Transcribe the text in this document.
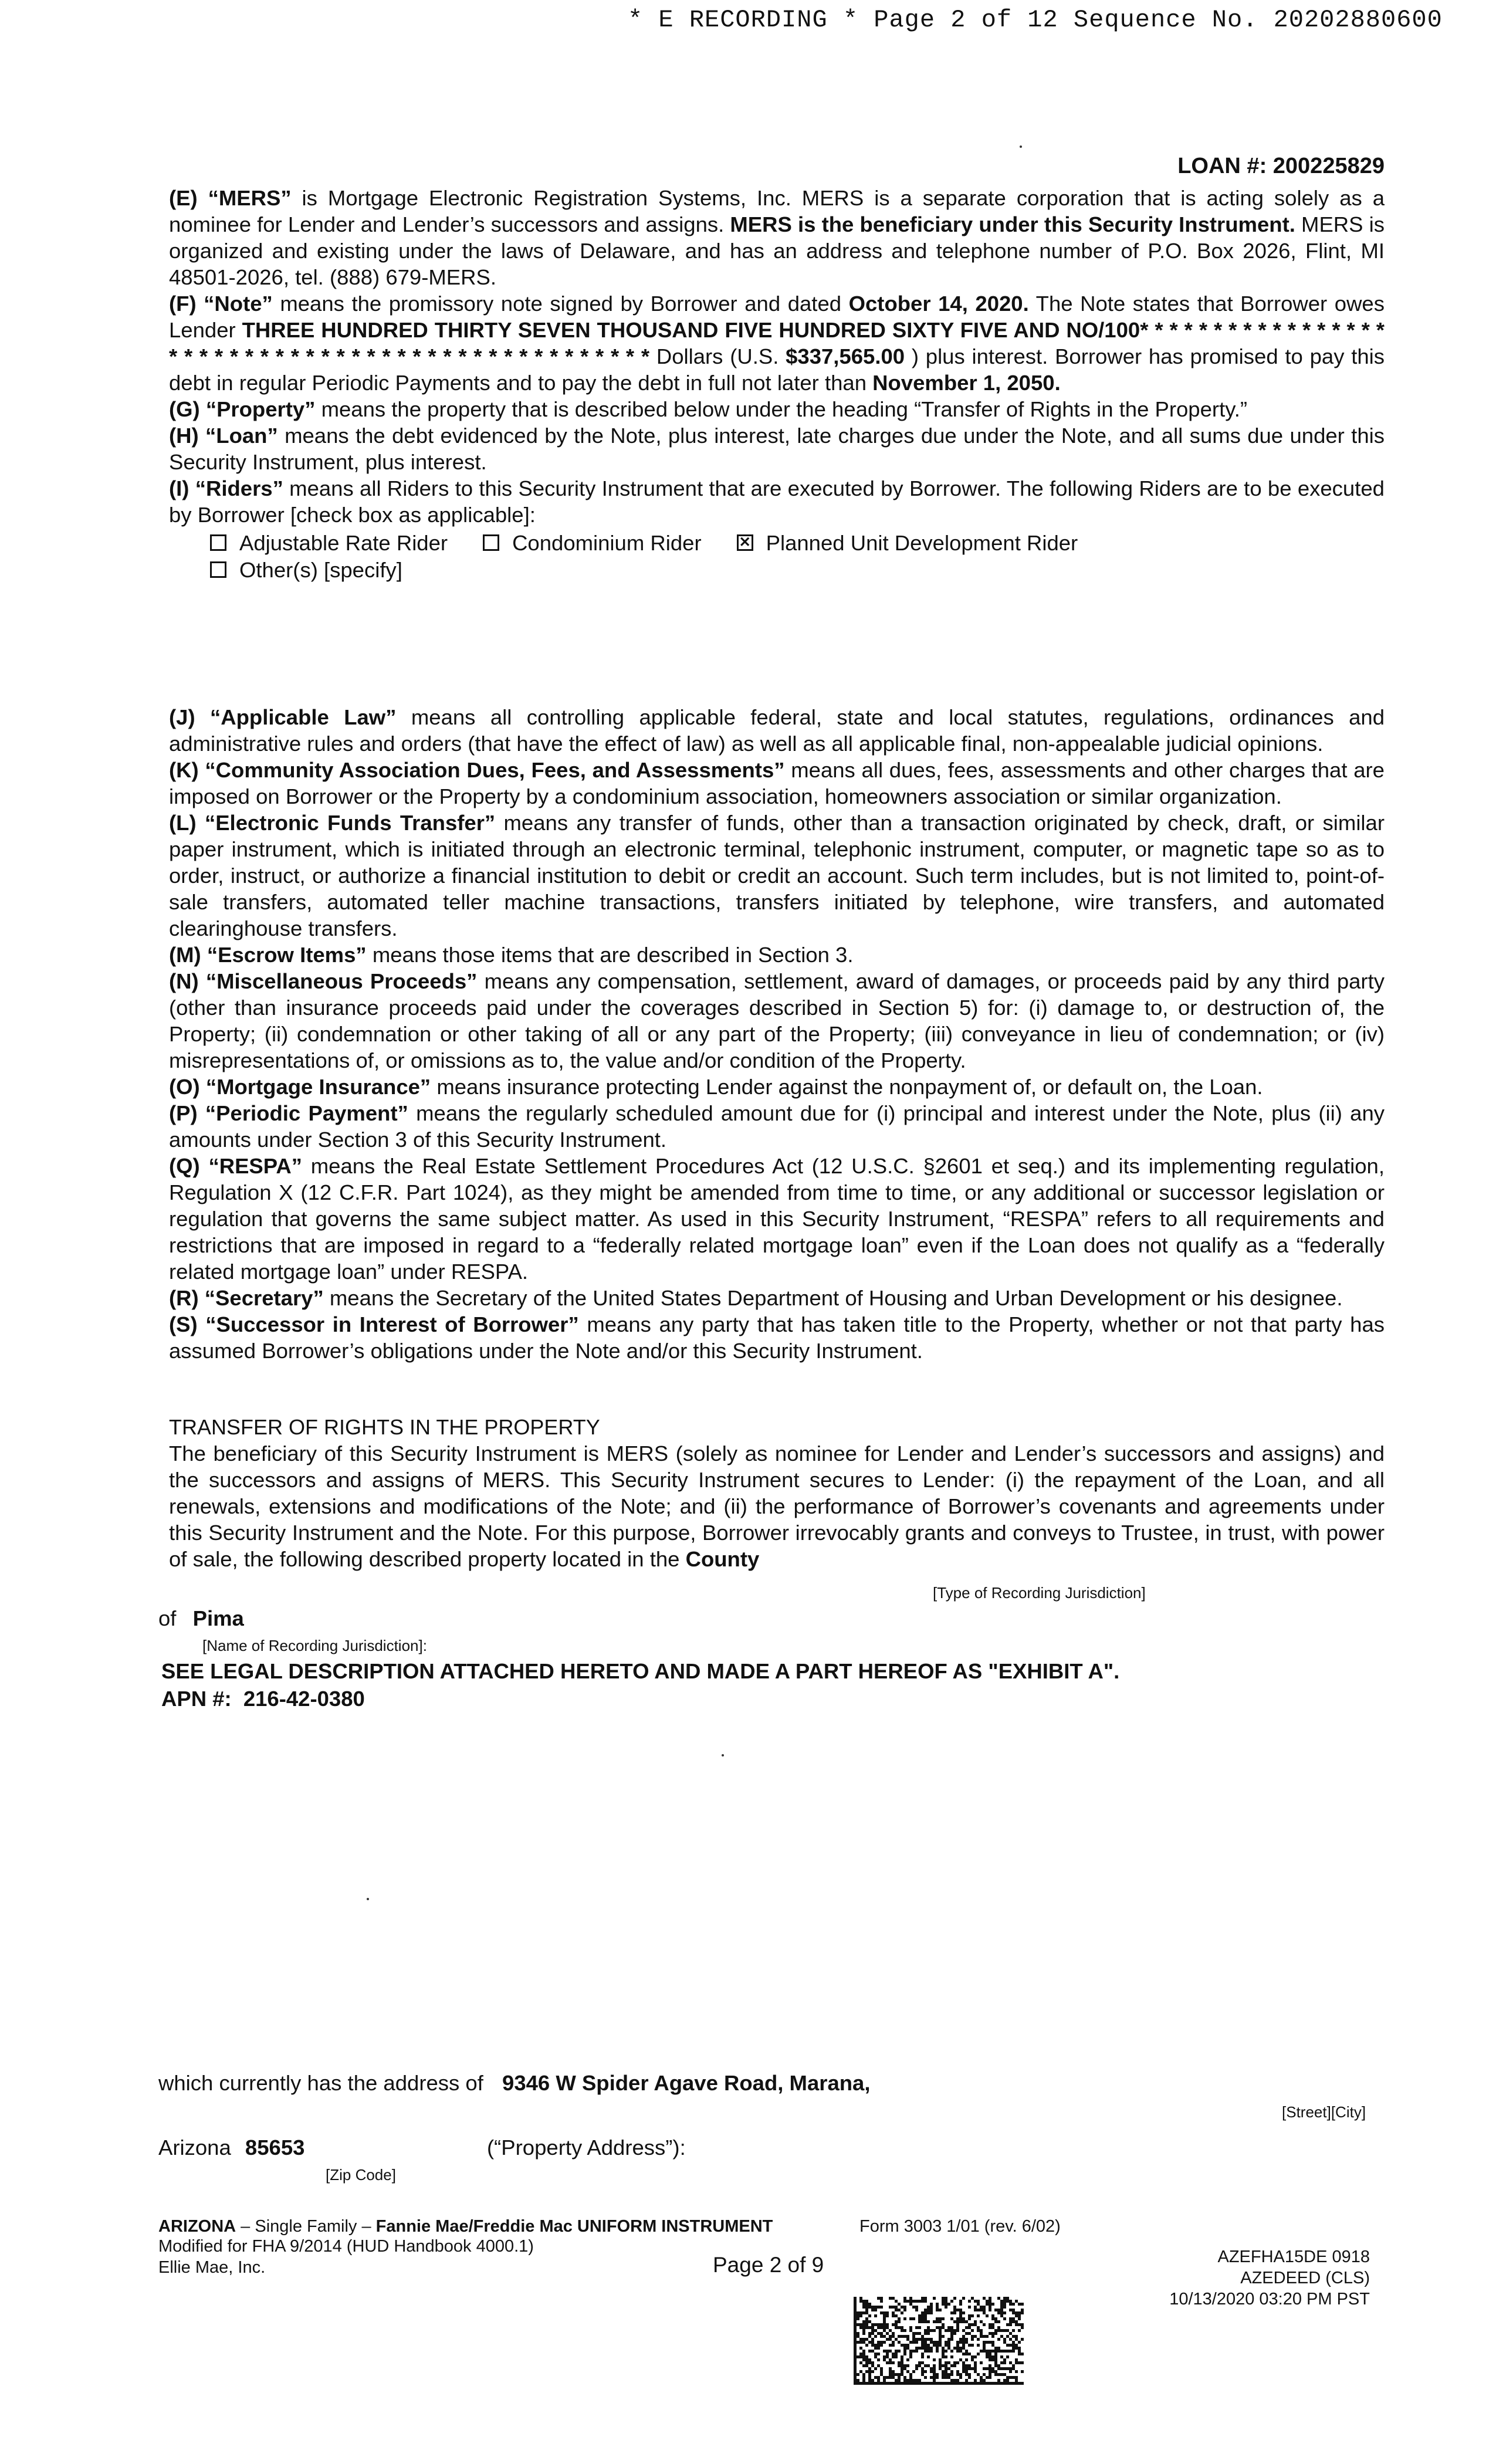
* E RECORDING * Page 2 of 12 Sequence No. 20202880600
LOAN #: 200225829

(E) “MERS” is Mortgage Electronic Registration Systems, Inc. MERS is a separate corporation that is acting solely as a nominee for Lender and Lender’s successors and assigns. MERS is the beneficiary under this Security Instrument. MERS is organized and existing under the laws of Delaware, and has an address and telephone number of P.O. Box 2026, Flint, MI 48501-2026, tel. (888) 679-MERS.

(F) “Note” means the promissory note signed by Borrower and dated October 14, 2020. The Note states that Borrower owes Lender THREE HUNDRED THIRTY SEVEN THOUSAND FIVE HUNDRED SIXTY FIVE AND NO/100* * * * * * * * * * * * * * * * * * * * * * * * * * * * * * * * * * * * * * * * * * * * * * * * * Dollars (U.S. $337,565.00 ) plus interest. Borrower has promised to pay this debt in regular Periodic Payments and to pay the debt in full not later than November 1, 2050.

(G) “Property” means the property that is described below under the heading “Transfer of Rights in the Property.”

(H) “Loan” means the debt evidenced by the Note, plus interest, late charges due under the Note, and all sums due under this Security Instrument, plus interest.

(I) “Riders” means all Riders to this Security Instrument that are executed by Borrower. The following Riders are to be executed by Borrower [check box as applicable]:

Adjustable Rate Rider	Condominium Rider	✕ Planned Unit Development Rider
Other(s) [specify]

(J) “Applicable Law” means all controlling applicable federal, state and local statutes, regulations, ordinances and administrative rules and orders (that have the effect of law) as well as all applicable final, non-appealable judicial opinions.

(K) “Community Association Dues, Fees, and Assessments” means all dues, fees, assessments and other charges that are imposed on Borrower or the Property by a condominium association, homeowners association or similar organization.

(L) “Electronic Funds Transfer” means any transfer of funds, other than a transaction originated by check, draft, or similar paper instrument, which is initiated through an electronic terminal, telephonic instrument, computer, or magnetic tape so as to order, instruct, or authorize a financial institution to debit or credit an account. Such term includes, but is not limited to, point-of-sale transfers, automated teller machine transactions, transfers initiated by telephone, wire transfers, and automated clearinghouse transfers.

(M) “Escrow Items” means those items that are described in Section 3.

(N) “Miscellaneous Proceeds” means any compensation, settlement, award of damages, or proceeds paid by any third party (other than insurance proceeds paid under the coverages described in Section 5) for: (i) damage to, or destruction of, the Property; (ii) condemnation or other taking of all or any part of the Property; (iii) conveyance in lieu of condemnation; or (iv) misrepresentations of, or omissions as to, the value and/or condition of the Property.

(O) “Mortgage Insurance” means insurance protecting Lender against the nonpayment of, or default on, the Loan.

(P) “Periodic Payment” means the regularly scheduled amount due for (i) principal and interest under the Note, plus (ii) any amounts under Section 3 of this Security Instrument.

(Q) “RESPA” means the Real Estate Settlement Procedures Act (12 U.S.C. §2601 et seq.) and its implementing regulation, Regulation X (12 C.F.R. Part 1024), as they might be amended from time to time, or any additional or successor legislation or regulation that governs the same subject matter. As used in this Security Instrument, “RESPA” refers to all requirements and restrictions that are imposed in regard to a “federally related mortgage loan” even if the Loan does not qualify as a “federally related mortgage loan” under RESPA.

(R) “Secretary” means the Secretary of the United States Department of Housing and Urban Development or his designee.

(S) “Successor in Interest of Borrower” means any party that has taken title to the Property, whether or not that party has assumed Borrower’s obligations under the Note and/or this Security Instrument.

TRANSFER OF RIGHTS IN THE PROPERTY

The beneficiary of this Security Instrument is MERS (solely as nominee for Lender and Lender’s successors and assigns) and the successors and assigns of MERS. This Security Instrument secures to Lender: (i) the repayment of the Loan, and all renewals, extensions and modifications of the Note; and (ii) the performance of Borrower’s covenants and agreements under this Security Instrument and the Note. For this purpose, Borrower irrevocably grants and conveys to Trustee, in trust, with power of sale, the following described property located in the County

[Type of Recording Jurisdiction]
of Pima
[Name of Recording Jurisdiction]:
SEE LEGAL DESCRIPTION ATTACHED HERETO AND MADE A PART HEREOF AS "EXHIBIT A".
APN #: 216-42-0380
which currently has the address of 9346 W Spider Agave Road, Marana,
[Street][City]
Arizona 85653	(“Property Address”):
[Zip Code]
ARIZONA – Single Family – Fannie Mae/Freddie Mac UNIFORM INSTRUMENT	Form 3003 1/01 (rev. 6/02)
Modified for FHA 9/2014 (HUD Handbook 4000.1)
Ellie Mae, Inc.	Page 2 of 9	AZEFHA15DE 0918
AZEDEED (CLS)
10/13/2020 03:20 PM PST
